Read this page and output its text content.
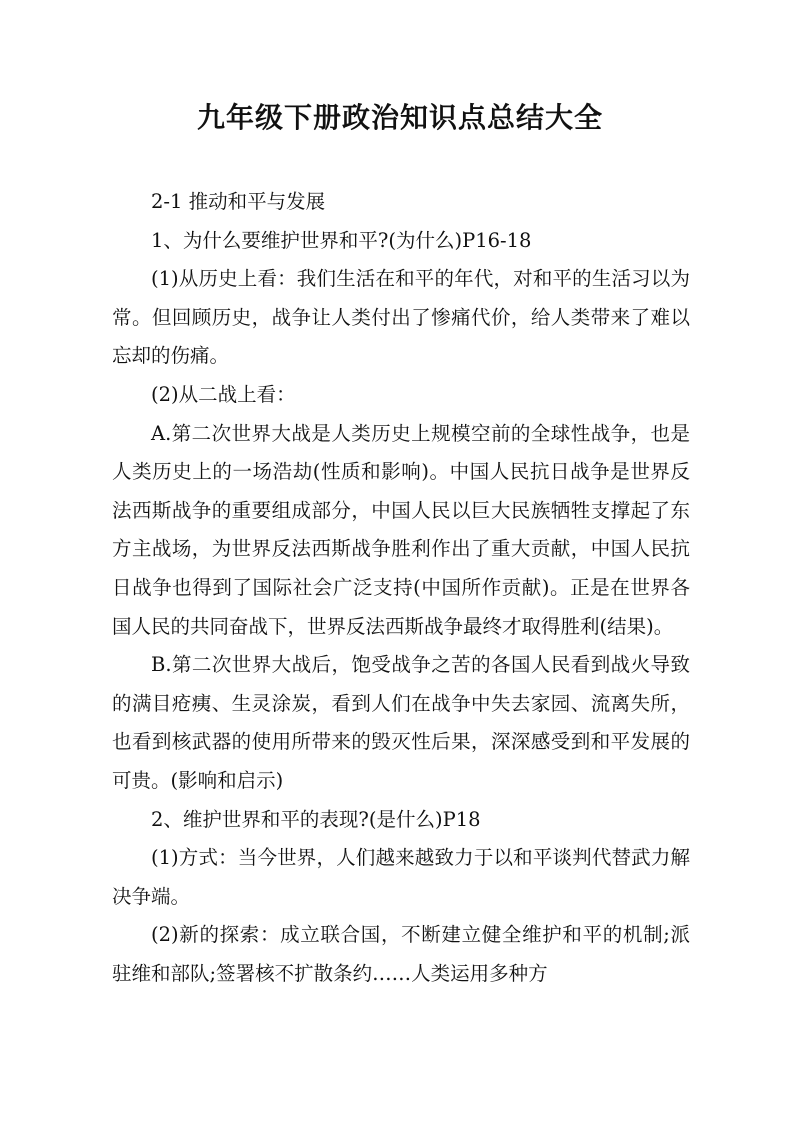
九年级下册政治知识点总结大全

2-1 推动和平与发展

1、为什么要维护世界和平?(为什么)P16-18

(1)从历史上看：我们生活在和平的年代，对和平的生活习以为常。但回顾历史，战争让人类付出了惨痛代价，给人类带来了难以忘却的伤痛。

(2)从二战上看：

A.第二次世界大战是人类历史上规模空前的全球性战争，也是人类历史上的一场浩劫(性质和影响)。中国人民抗日战争是世界反法西斯战争的重要组成部分，中国人民以巨大民族牺牲支撑起了东方主战场，为世界反法西斯战争胜利作出了重大贡献，中国人民抗日战争也得到了国际社会广泛支持(中国所作贡献)。正是在世界各国人民的共同奋战下，世界反法西斯战争最终才取得胜利(结果)。

B.第二次世界大战后，饱受战争之苦的各国人民看到战火导致的满目疮痍、生灵涂炭，看到人们在战争中失去家园、流离失所，也看到核武器的使用所带来的毁灭性后果，深深感受到和平发展的可贵。(影响和启示)

2、维护世界和平的表现?(是什么)P18

(1)方式：当今世界，人们越来越致力于以和平谈判代替武力解决争端。

(2)新的探索：成立联合国，不断建立健全维护和平的机制;派驻维和部队;签署核不扩散条约……人类运用多种方
